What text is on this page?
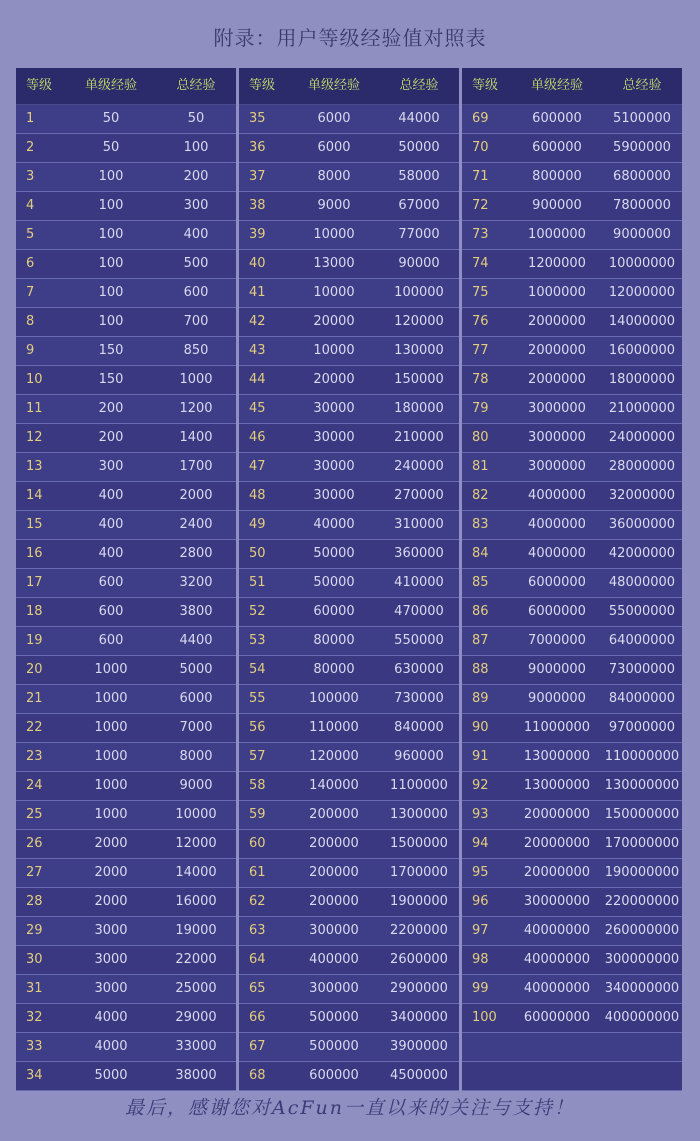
附录：用户等级经验值对照表
等级	单级经验	总经验
1	50	50
2	50	100
3	100	200
4	100	300
5	100	400
6	100	500
7	100	600
8	100	700
9	150	850
10	150	1000
11	200	1200
12	200	1400
13	300	1700
14	400	2000
15	400	2400
16	400	2800
17	600	3200
18	600	3800
19	600	4400
20	1000	5000
21	1000	6000
22	1000	7000
23	1000	8000
24	1000	9000
25	1000	10000
26	2000	12000
27	2000	14000
28	2000	16000
29	3000	19000
30	3000	22000
31	3000	25000
32	4000	29000
33	4000	33000
34	5000	38000
等级	单级经验	总经验
35	6000	44000
36	6000	50000
37	8000	58000
38	9000	67000
39	10000	77000
40	13000	90000
41	10000	100000
42	20000	120000
43	10000	130000
44	20000	150000
45	30000	180000
46	30000	210000
47	30000	240000
48	30000	270000
49	40000	310000
50	50000	360000
51	50000	410000
52	60000	470000
53	80000	550000
54	80000	630000
55	100000	730000
56	110000	840000
57	120000	960000
58	140000	1100000
59	200000	1300000
60	200000	1500000
61	200000	1700000
62	200000	1900000
63	300000	2200000
64	400000	2600000
65	300000	2900000
66	500000	3400000
67	500000	3900000
68	600000	4500000
等级	单级经验	总经验
69	600000	5100000
70	600000	5900000
71	800000	6800000
72	900000	7800000
73	1000000	9000000
74	1200000	10000000
75	1000000	12000000
76	2000000	14000000
77	2000000	16000000
78	2000000	18000000
79	3000000	21000000
80	3000000	24000000
81	3000000	28000000
82	4000000	32000000
83	4000000	36000000
84	4000000	42000000
85	6000000	48000000
86	6000000	55000000
87	7000000	64000000
88	9000000	73000000
89	9000000	84000000
90	11000000	97000000
91	13000000	110000000
92	13000000	130000000
93	20000000	150000000
94	20000000	170000000
95	20000000	190000000
96	30000000	220000000
97	40000000	260000000
98	40000000	300000000
99	40000000	340000000
100	60000000	400000000

最后，感谢您对AcFun一直以来的关注与支持！
